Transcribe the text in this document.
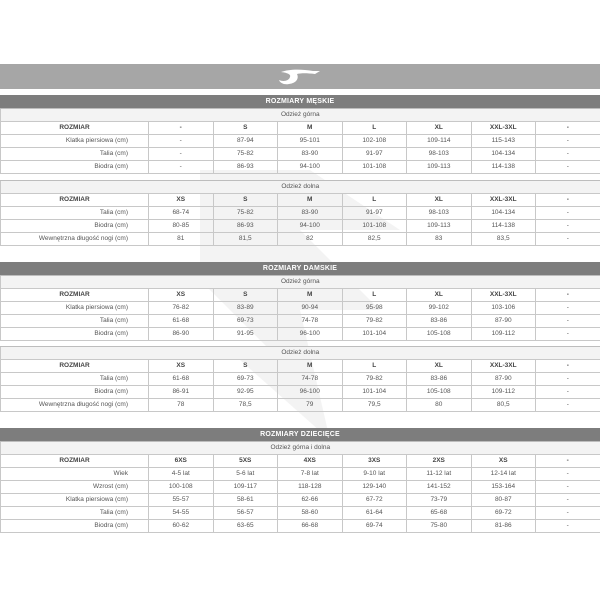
ROZMIARY MĘSKIE
Odzież górna							
ROZMIAR	-	S	M	L	XL	XXL-3XL	-
Klatka piersiowa (cm)	-	87-94	95-101	102-108	109-114	115-143	-
Talia (cm)	-	75-82	83-90	91-97	98-103	104-134	-
Biodra (cm)	-	86-93	94-100	101-108	109-113	114-138	-
Odzież dolna							
ROZMIAR	XS	S	M	L	XL	XXL-3XL	-
Talia (cm)	68-74	75-82	83-90	91-97	98-103	104-134	-
Biodra (cm)	80-85	86-93	94-100	101-108	109-113	114-138	-
Wewnętrzna długość nogi (cm)	81	81,5	82	82,5	83	83,5	-
ROZMIARY DAMSKIE
Odzież górna							
ROZMIAR	XS	S	M	L	XL	XXL-3XL	-
Klatka piersiowa (cm)	76-82	83-89	90-94	95-98	99-102	103-106	-
Talia (cm)	61-68	69-73	74-78	79-82	83-86	87-90	-
Biodra (cm)	86-90	91-95	96-100	101-104	105-108	109-112	-
Odzież dolna							
ROZMIAR	XS	S	M	L	XL	XXL-3XL	-
Talia (cm)	61-68	69-73	74-78	79-82	83-86	87-90	-
Biodra (cm)	86-91	92-95	96-100	101-104	105-108	109-112	-
Wewnętrzna długość nogi (cm)	78	78,5	79	79,5	80	80,5	-
ROZMIARY DZIECIĘCE
Odzież górna i dolna							
ROZMIAR	6XS	5XS	4XS	3XS	2XS	XS	-
Wiek	4-5 lat	5-6 lat	7-8 lat	9-10 lat	11-12 lat	12-14 lat	-
Wzrost (cm)	100-108	109-117	118-128	129-140	141-152	153-164	-
Klatka piersiowa (cm)	55-57	58-61	62-66	67-72	73-79	80-87	-
Talia (cm)	54-55	56-57	58-60	61-64	65-68	69-72	-
Biodra (cm)	60-62	63-65	66-68	69-74	75-80	81-86	-
